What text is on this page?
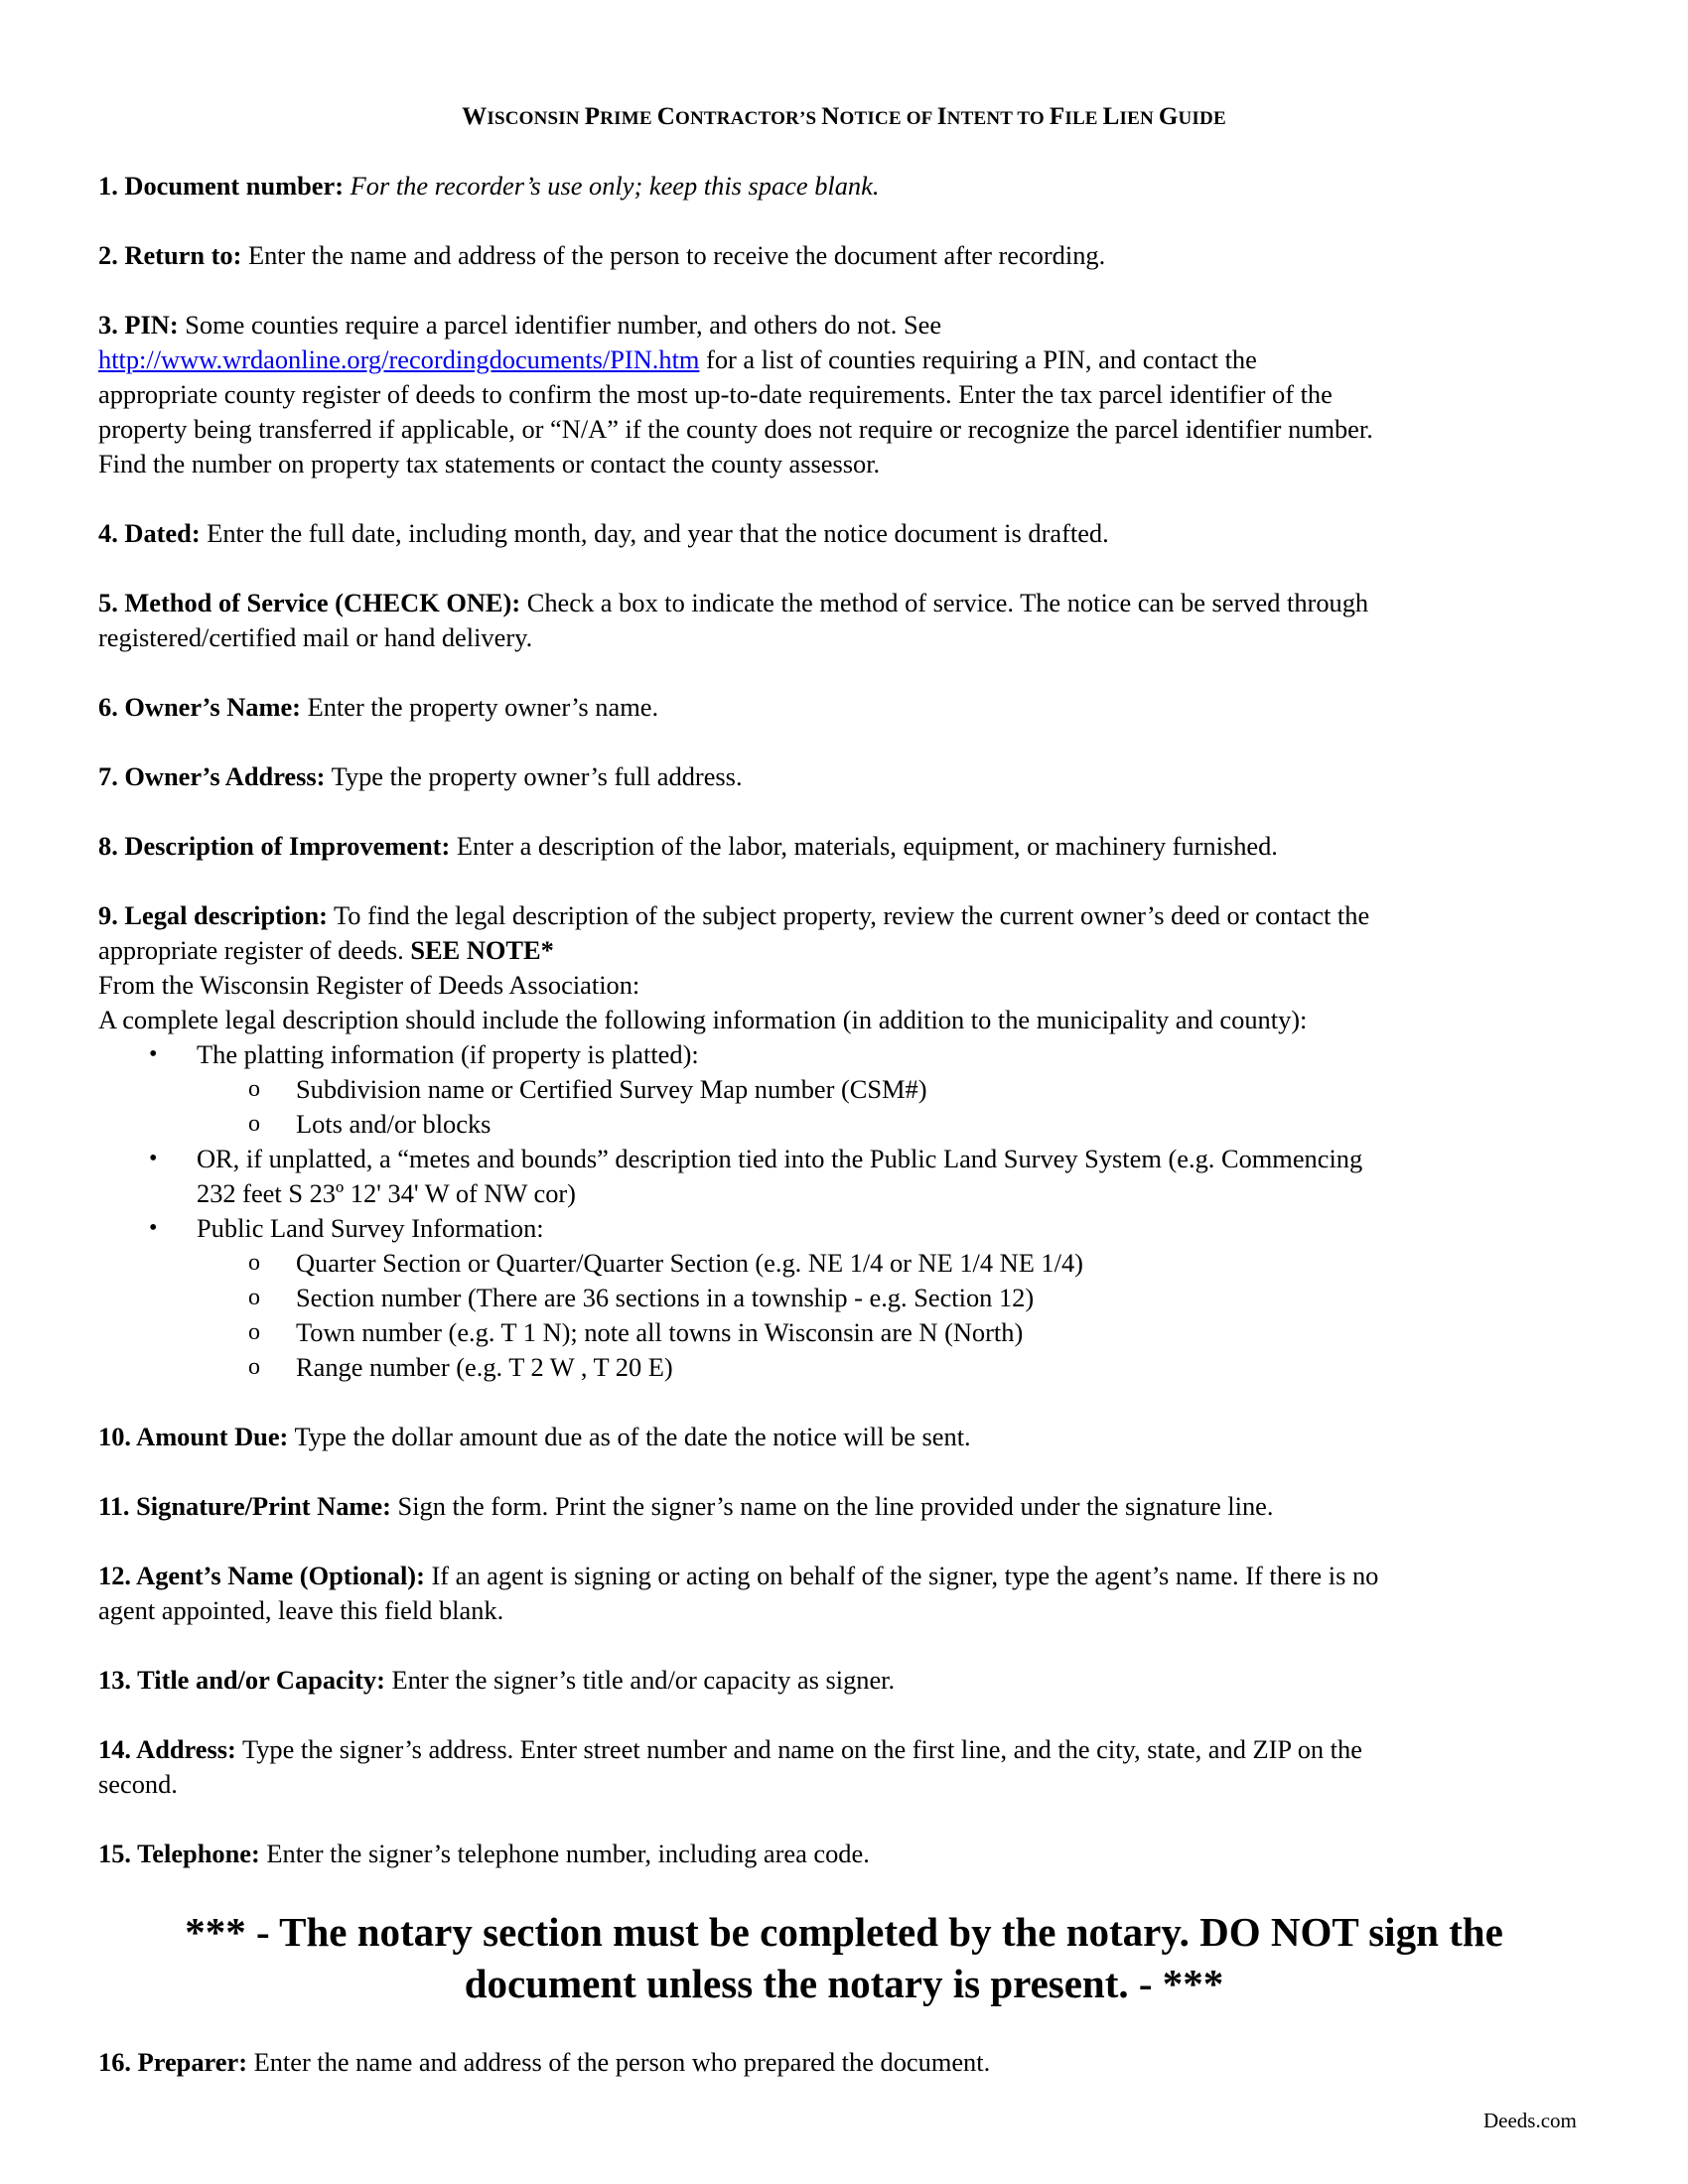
WISCONSIN PRIME CONTRACTOR’S NOTICE OF INTENT TO FILE LIEN GUIDE
1. Document number: For the recorder’s use only; keep this space blank.
2. Return to: Enter the name and address of the person to receive the document after recording.
3. PIN: Some counties require a parcel identifier number, and others do not. See
http://www.wrdaonline.org/recordingdocuments/PIN.htm for a list of counties requiring a PIN, and contact the
appropriate county register of deeds to confirm the most up-to-date requirements. Enter the tax parcel identifier of the
property being transferred if applicable, or “N/A” if the county does not require or recognize the parcel identifier number.
Find the number on property tax statements or contact the county assessor.
4. Dated: Enter the full date, including month, day, and year that the notice document is drafted.
5. Method of Service (CHECK ONE): Check a box to indicate the method of service. The notice can be served through
registered/certified mail or hand delivery.
6. Owner’s Name: Enter the property owner’s name.
7. Owner’s Address: Type the property owner’s full address.
8. Description of Improvement: Enter a description of the labor, materials, equipment, or machinery furnished.
9. Legal description: To find the legal description of the subject property, review the current owner’s deed or contact the
appropriate register of deeds. SEE NOTE*
From the Wisconsin Register of Deeds Association:
A complete legal description should include the following information (in addition to the municipality and county):
• The platting information (if property is platted):
o Subdivision name or Certified Survey Map number (CSM#)
o Lots and/or blocks
• OR, if unplatted, a “metes and bounds” description tied into the Public Land Survey System (e.g. Commencing
232 feet S 23º 12' 34' W of NW cor)
• Public Land Survey Information:
o Quarter Section or Quarter/Quarter Section (e.g. NE 1/4 or NE 1/4 NE 1/4)
o Section number (There are 36 sections in a township - e.g. Section 12)
o Town number (e.g. T 1 N); note all towns in Wisconsin are N (North)
o Range number (e.g. T 2 W , T 20 E)
10. Amount Due: Type the dollar amount due as of the date the notice will be sent.
11. Signature/Print Name: Sign the form. Print the signer’s name on the line provided under the signature line.
12. Agent’s Name (Optional): If an agent is signing or acting on behalf of the signer, type the agent’s name. If there is no
agent appointed, leave this field blank.
13. Title and/or Capacity: Enter the signer’s title and/or capacity as signer.
14. Address: Type the signer’s address. Enter street number and name on the first line, and the city, state, and ZIP on the
second.
15. Telephone: Enter the signer’s telephone number, including area code.
*** - The notary section must be completed by the notary. DO NOT sign the
document unless the notary is present. - ***
16. Preparer: Enter the name and address of the person who prepared the document.
Deeds.com
